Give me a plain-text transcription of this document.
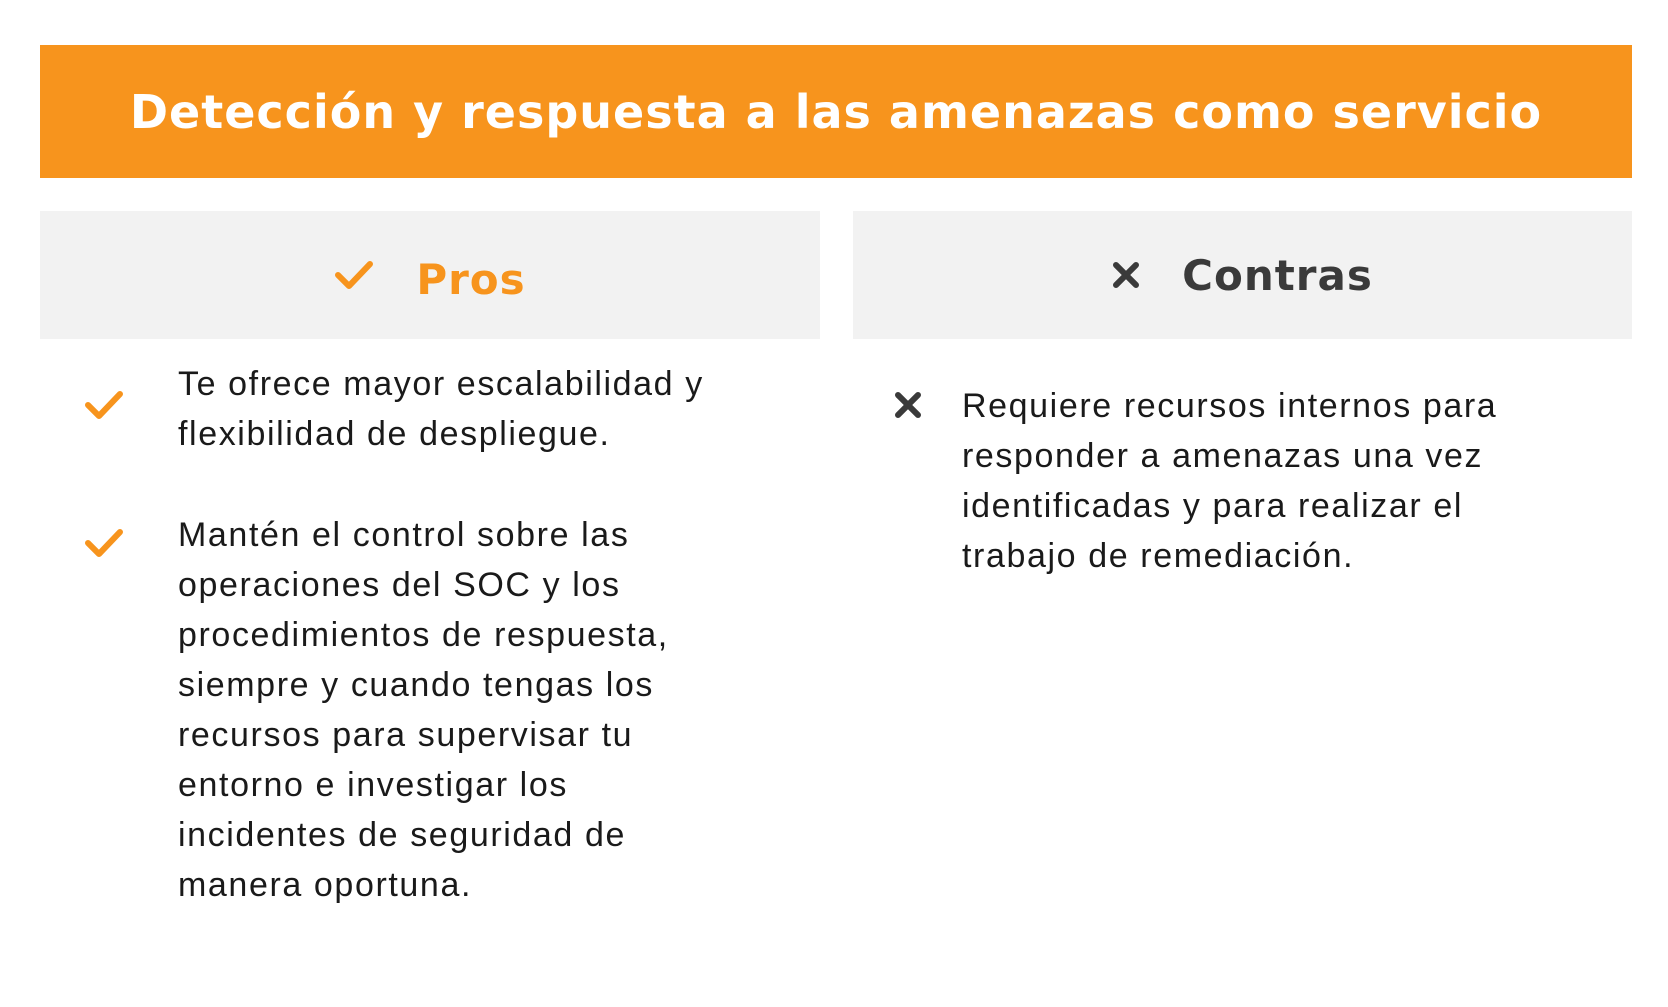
Detección y respuesta a las amenazas como servicio
Pros	Contras
Te ofrece mayor escalabilidad y flexibilidad de despliegue.
Mantén el control sobre las operaciones del SOC y los procedimientos de respuesta, siempre y cuando tengas los recursos para supervisar tu entorno e investigar los incidentes de seguridad de manera oportuna.
Requiere recursos internos para responder a amenazas una vez identificadas y para realizar el trabajo de remediación.
